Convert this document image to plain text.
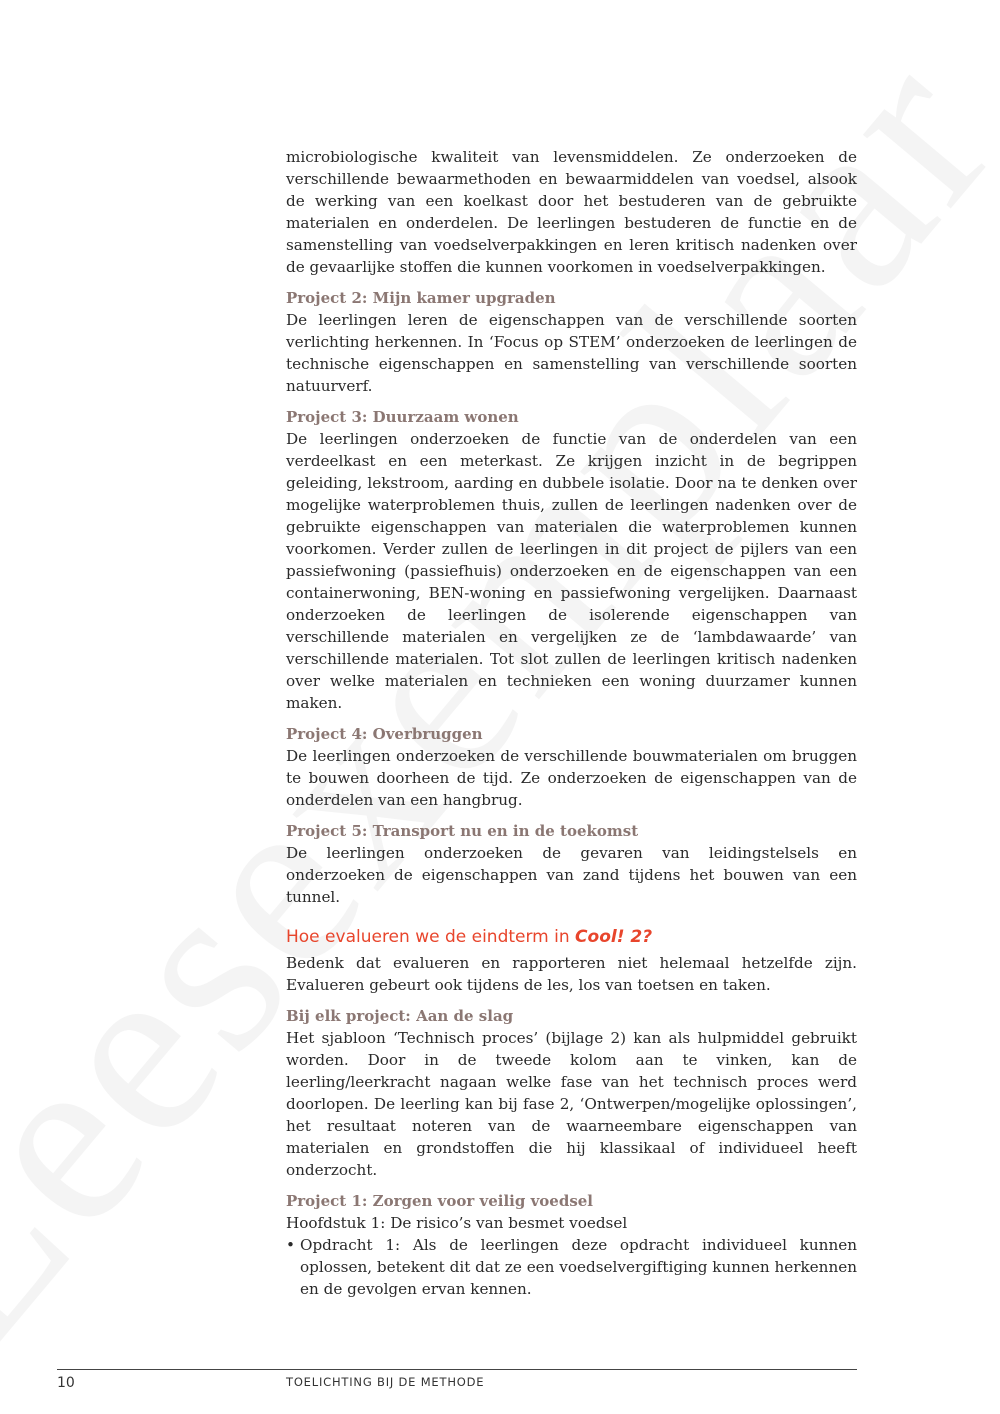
microbiologische kwaliteit van levensmiddelen. Ze onderzoeken de verschillende bewaarmethoden en bewaarmiddelen van voedsel, alsook de werking van een koelkast door het bestuderen van de gebruikte materialen en onderdelen. De leerlingen bestuderen de functie en de samenstelling van voedselverpakkingen en leren kritisch nadenken over de gevaarlijke stoffen die kunnen voorkomen in voedselverpakkingen.

Project 2: Mijn kamer upgraden

De leerlingen leren de eigenschappen van de verschillende soorten verlichting herkennen. In ‘Focus op STEM’ onderzoeken de leerlingen de technische eigenschappen en samenstelling van verschillende soorten natuurverf.

Project 3: Duurzaam wonen

De leerlingen onderzoeken de functie van de onderdelen van een verdeelkast en een meterkast. Ze krijgen inzicht in de begrippen geleiding, lekstroom, aarding en dubbele isolatie. Door na te denken over mogelijke waterproblemen thuis, zullen de leerlingen nadenken over de gebruikte eigenschappen van materialen die waterproblemen kunnen voorkomen. Verder zullen de leerlingen in dit project de pijlers van een passiefwoning (passiefhuis) onderzoeken en de eigenschappen van een containerwoning, BEN-woning en passiefwoning vergelijken. Daarnaast onderzoeken de leerlingen de isolerende eigenschappen van verschillende materialen en vergelijken ze de ‘lambdawaarde’ van verschillende materialen. Tot slot zullen de leerlingen kritisch nadenken over welke materialen en technieken een woning duurzamer kunnen maken.

Project 4: Overbruggen

De leerlingen onderzoeken de verschillende bouwmaterialen om bruggen te bouwen doorheen de tijd. Ze onderzoeken de eigenschappen van de onderdelen van een hangbrug.

Project 5: Transport nu en in de toekomst

De leerlingen onderzoeken de gevaren van leidingstelsels en onderzoeken de eigenschappen van zand tijdens het bouwen van een tunnel.

Hoe evalueren we de eindterm in Cool! 2?

Bedenk dat evalueren en rapporteren niet helemaal hetzelfde zijn. Evalueren gebeurt ook tijdens de les, los van toetsen en taken.

Bij elk project: Aan de slag

Het sjabloon ‘Technisch proces’ (bijlage 2) kan als hulpmiddel gebruikt worden. Door in de tweede kolom aan te vinken, kan de leerling/leerkracht nagaan welke fase van het technisch proces werd doorlopen. De leerling kan bij fase 2, ‘Ontwerpen/mogelijke oplossingen’, het resultaat noteren van de waarneembare eigenschappen van materialen en grondstoffen die hij klassikaal of individueel heeft onderzocht.

Project 1: Zorgen voor veilig voedsel

Hoofdstuk 1: De risico’s van besmet voedsel

• Opdracht 1: Als de leerlingen deze opdracht individueel kunnen oplossen, betekent dit dat ze een voedselvergiftiging kunnen herkennen en de gevolgen ervan kennen.
10	TOELICHTING BIJ DE METHODE
